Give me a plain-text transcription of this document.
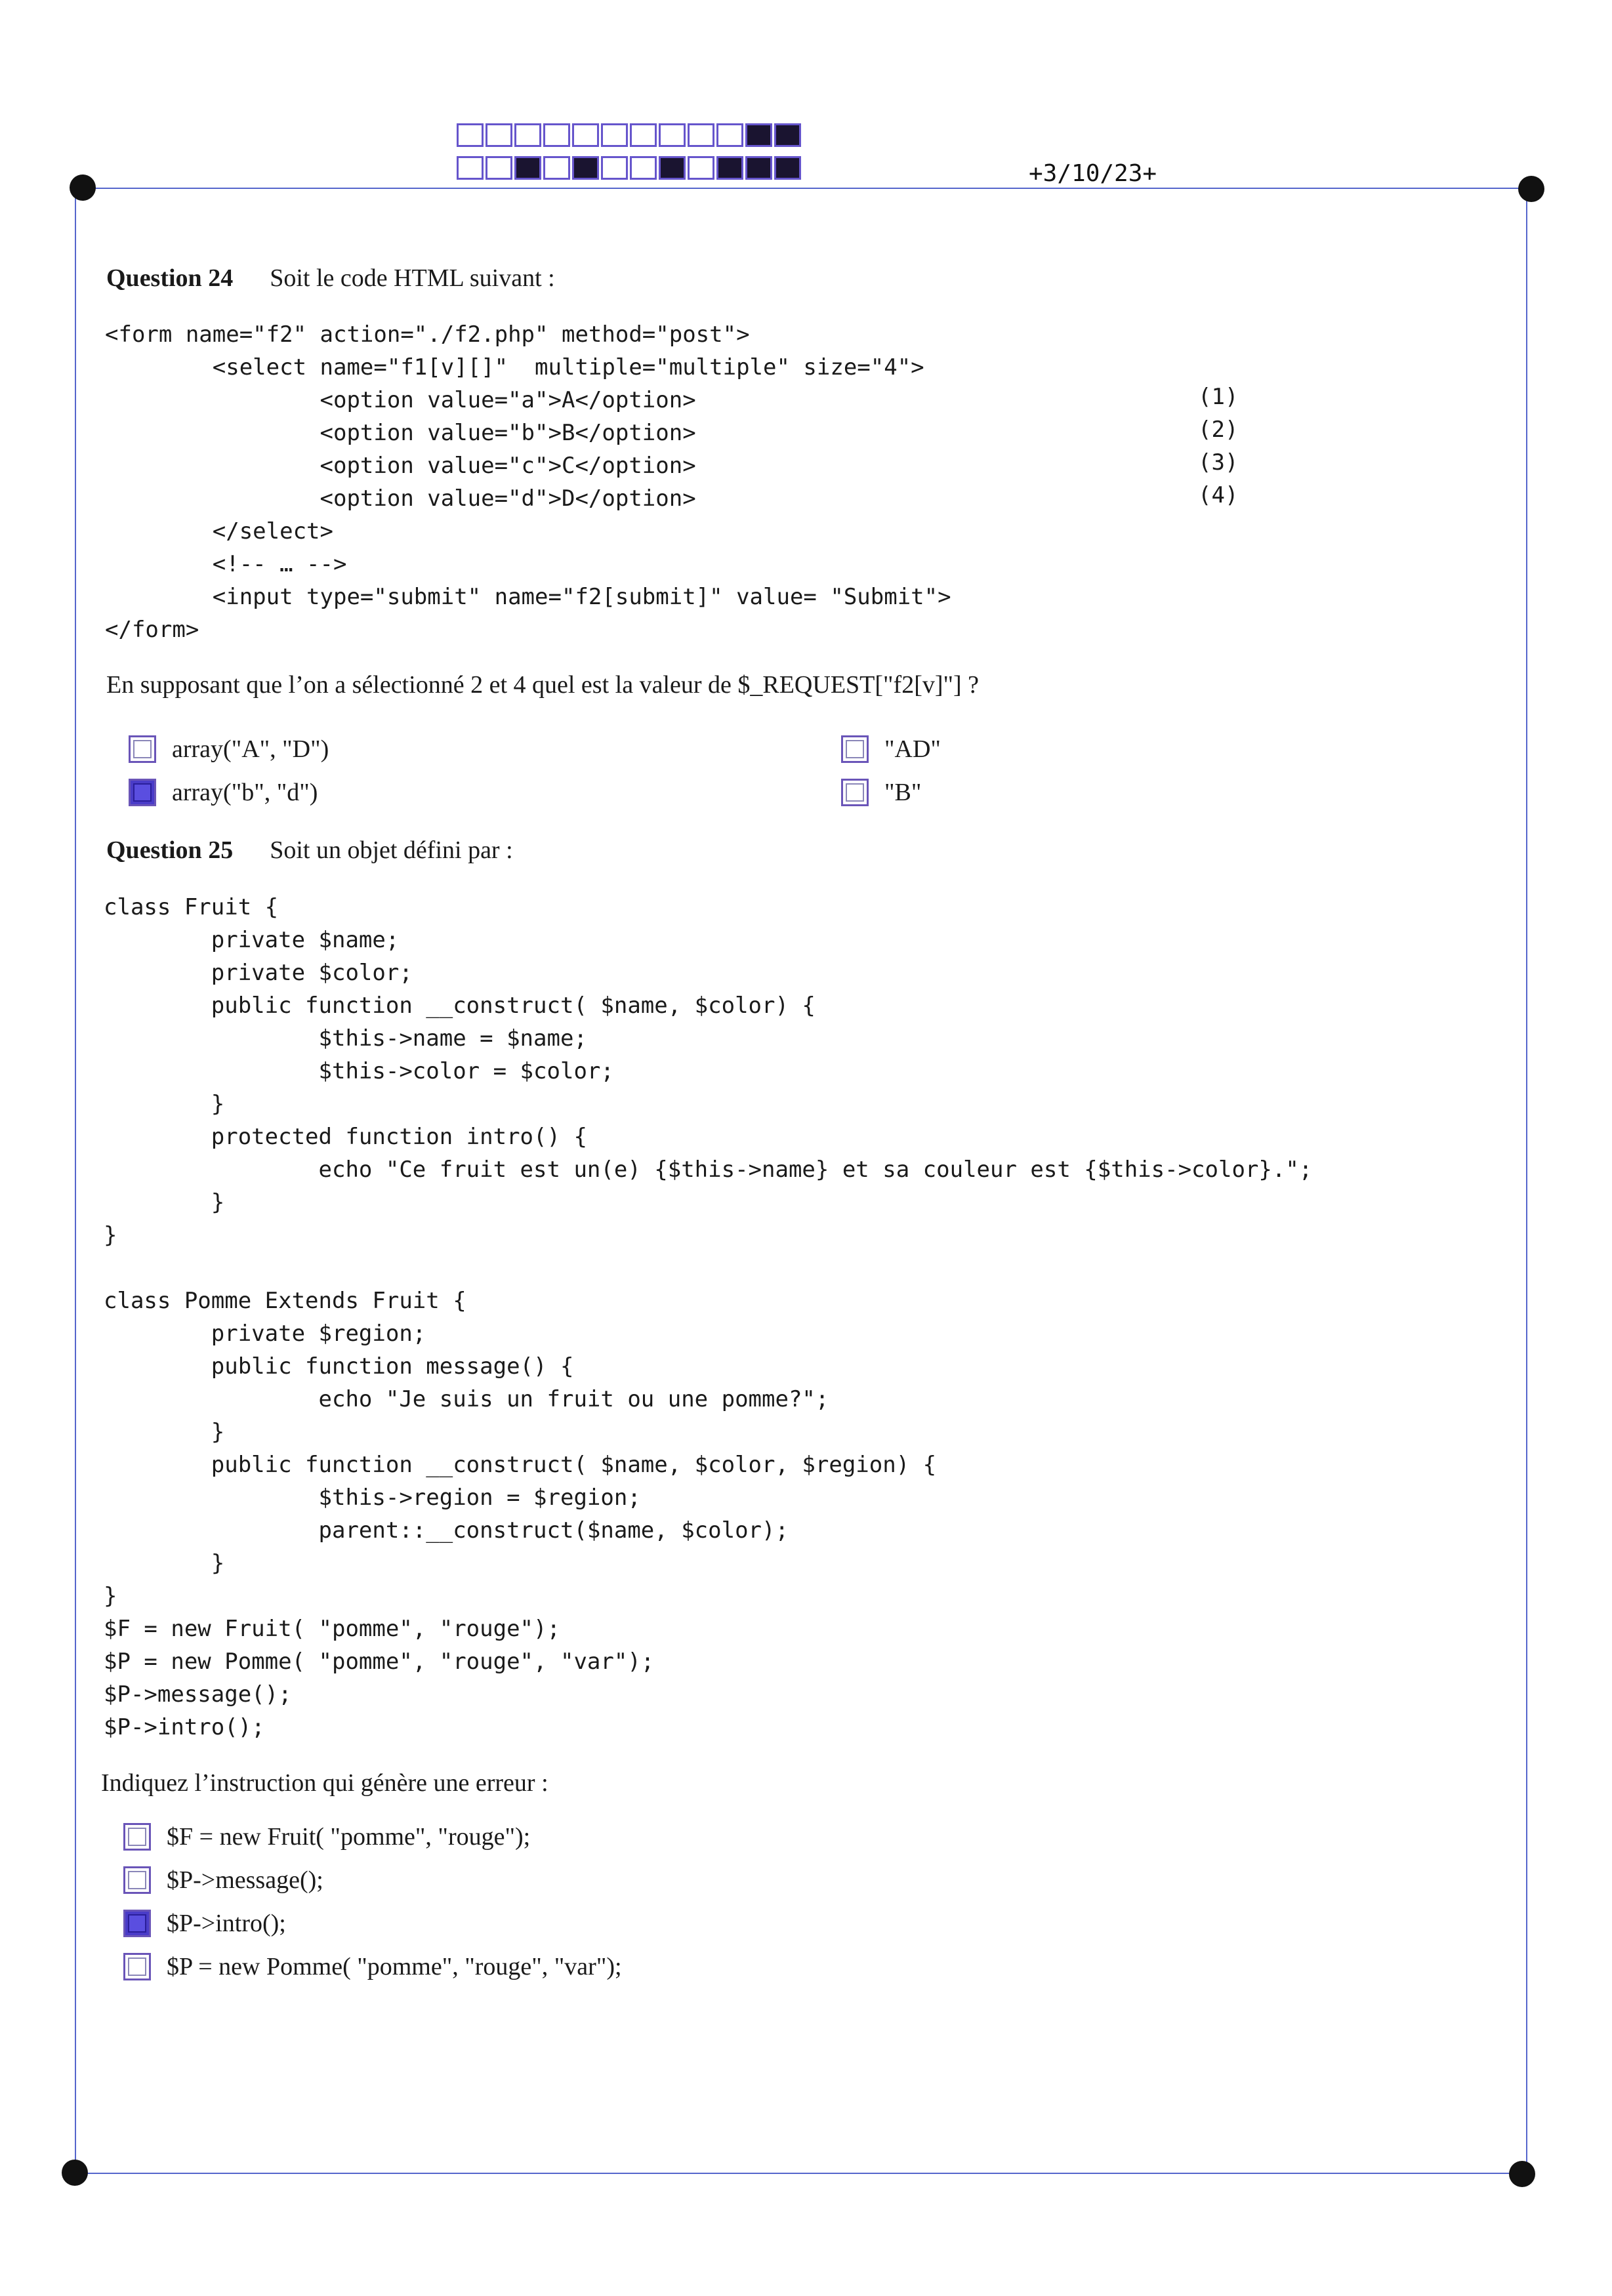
+3/10/23+
Question 24 Soit le code HTML suivant :
<form name="f2" action="./f2.php" method="post">
<select name="f1[v][]"  multiple="multiple" size="4">
<option value="a">A</option>
<option value="b">B</option>
<option value="c">C</option>
<option value="d">D</option>
</select>
<!-- … -->
<input type="submit" name="f2[submit]" value= "Submit">
</form>
(1)
(2)
(3)
(4)
En supposant que l’on a sélectionné 2 et 4 quel est la valeur de $_REQUEST["f2[v]"] ?
array("A", "D")
array("b", "d")
"AD"
"B"
Question 25 Soit un objet défini par :
class Fruit {
private $name;
private $color;
public function __construct( $name, $color) {
$this->name = $name;
$this->color = $color;
}
protected function intro() {
echo "Ce fruit est un(e) {$this->name} et sa couleur est {$this->color}.";
}
}

class Pomme Extends Fruit {
private $region;
public function message() {
echo "Je suis un fruit ou une pomme?";
}
public function __construct( $name, $color, $region) {
$this->region = $region;
parent::__construct($name, $color);
}
}
$F = new Fruit( "pomme", "rouge");
$P = new Pomme( "pomme", "rouge", "var");
$P->message();
$P->intro();
Indiquez l’instruction qui génère une erreur :
$F = new Fruit( "pomme", "rouge");
$P->message();
$P->intro();
$P = new Pomme( "pomme", "rouge", "var");
